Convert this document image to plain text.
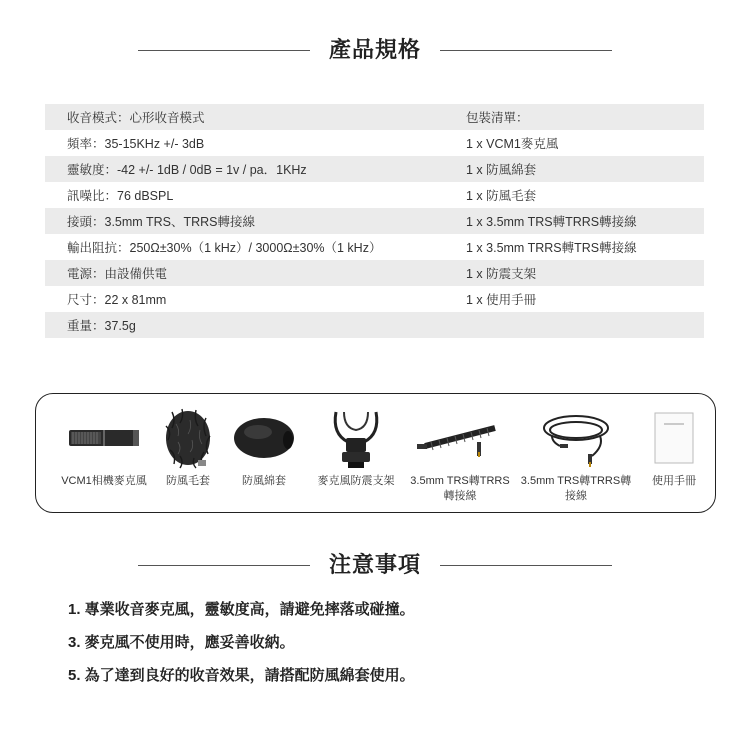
產品規格
收音模式：心形收音模式	包裝清單：
頻率：35-15KHz +/- 3dB	1 x VCM1麥克風
靈敏度：-42 +/- 1dB / 0dB = 1v / pa．1KHz	1 x 防風綿套
訊噪比：76 dBSPL	1 x 防風毛套
接頭：3.5mm TRS、TRRS轉接線	1 x 3.5mm TRS轉TRRS轉接線
輸出阻抗：250Ω±30%（1 kHz）/ 3000Ω±30%（1 kHz）	1 x 3.5mm TRRS轉TRS轉接線
電源：由設備供電	1 x 防震支架
尺寸：22 x 81mm	1 x 使用手冊
重量：37.5g
VCM1相機麥克風	防風毛套	防風綿套	麥克風防震支架	3.5mm TRS轉TRRS轉接線
3.5mm TRS轉TRRS轉接線
使用手冊
注意事項
1. 專業收音麥克風，靈敏度高，請避免摔落或碰撞。
3. 麥克風不使用時，應妥善收納。
5. 為了達到良好的收音效果，請搭配防風綿套使用。
